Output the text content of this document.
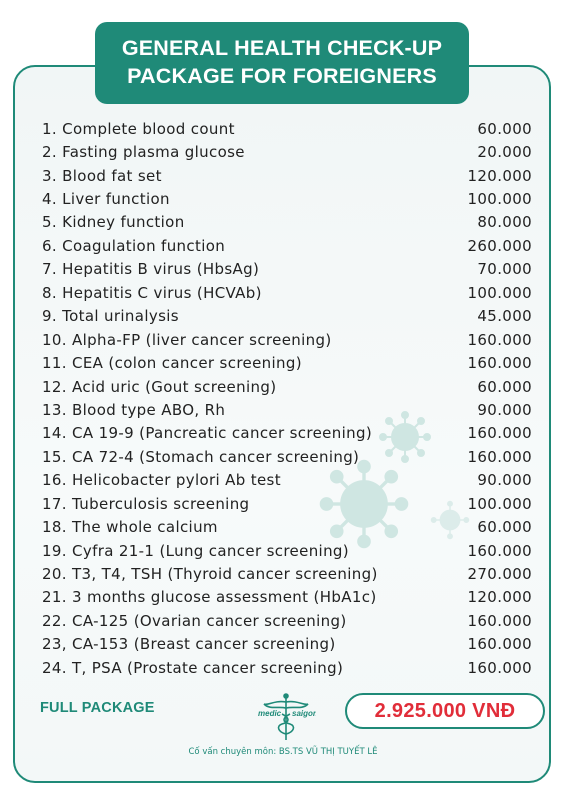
GENERAL HEALTH CHECK-UP
PACKAGE FOR FOREIGNERS
1. Complete blood count	60.000
2. Fasting plasma glucose	20.000
3. Blood fat set	120.000
4. Liver function	100.000
5. Kidney function	80.000
6. Coagulation function	260.000
7. Hepatitis B virus (HbsAg)	70.000
8. Hepatitis C virus (HCVAb)	100.000
9. Total urinalysis	45.000
10. Alpha-FP (liver cancer screening)	160.000
11. CEA (colon cancer screening)	160.000
12. Acid uric (Gout screening)	60.000
13. Blood type ABO, Rh	90.000
14. CA 19-9 (Pancreatic cancer screening)	160.000
15. CA 72-4 (Stomach cancer screening)	160.000
16. Helicobacter pylori Ab test	90.000
17. Tuberculosis screening	100.000
18. The whole calcium	60.000
19. Cyfra 21-1 (Lung cancer screening)	160.000
20. T3, T4, TSH (Thyroid cancer screening)	270.000
21. 3 months glucose assessment (HbA1c)	120.000
22. CA-125 (Ovarian cancer screening)	160.000
23, CA-153 (Breast cancer screening)	160.000
24. T, PSA (Prostate cancer screening)	160.000
FULL PACKAGE	medic saigon	2.925.000 VNĐ
Cố vấn chuyên môn: BS.TS VŨ THỊ TUYẾT LÊ
